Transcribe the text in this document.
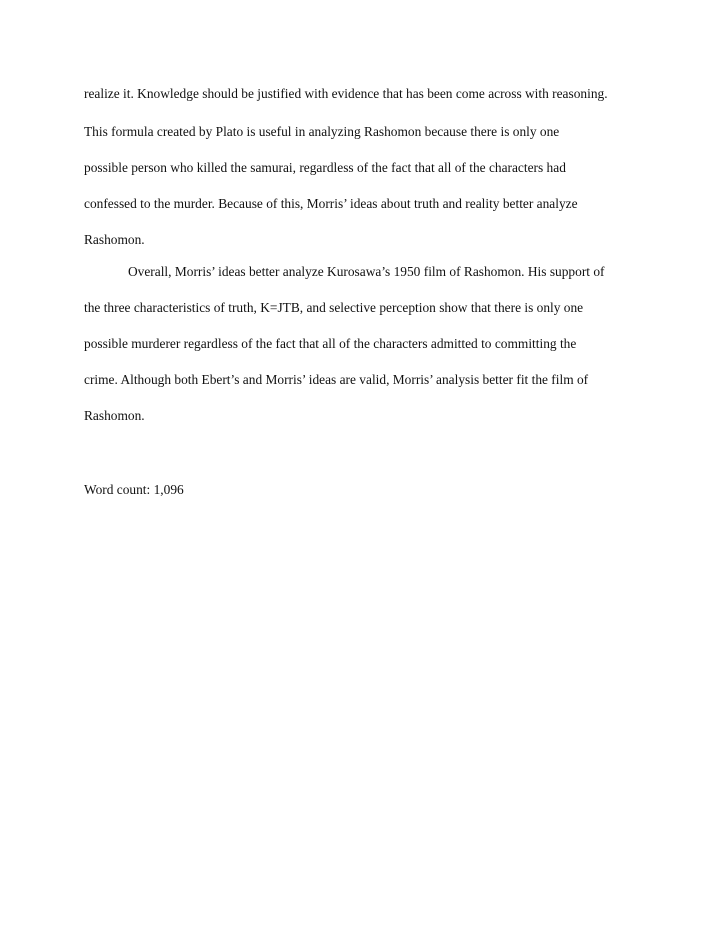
realize it. Knowledge should be justified with evidence that has been come across with reasoning.

This formula created by Plato is useful in analyzing Rashomon because there is only one

possible person who killed the samurai, regardless of the fact that all of the characters had

confessed to the murder. Because of this, Morris’ ideas about truth and reality better analyze

Rashomon.

Overall, Morris’ ideas better analyze Kurosawa’s 1950 film of Rashomon. His support of

the three characteristics of truth, K=JTB, and selective perception show that there is only one

possible murderer regardless of the fact that all of the characters admitted to committing the

crime. Although both Ebert’s and Morris’ ideas are valid, Morris’ analysis better fit the film of

Rashomon.

Word count: 1,096
